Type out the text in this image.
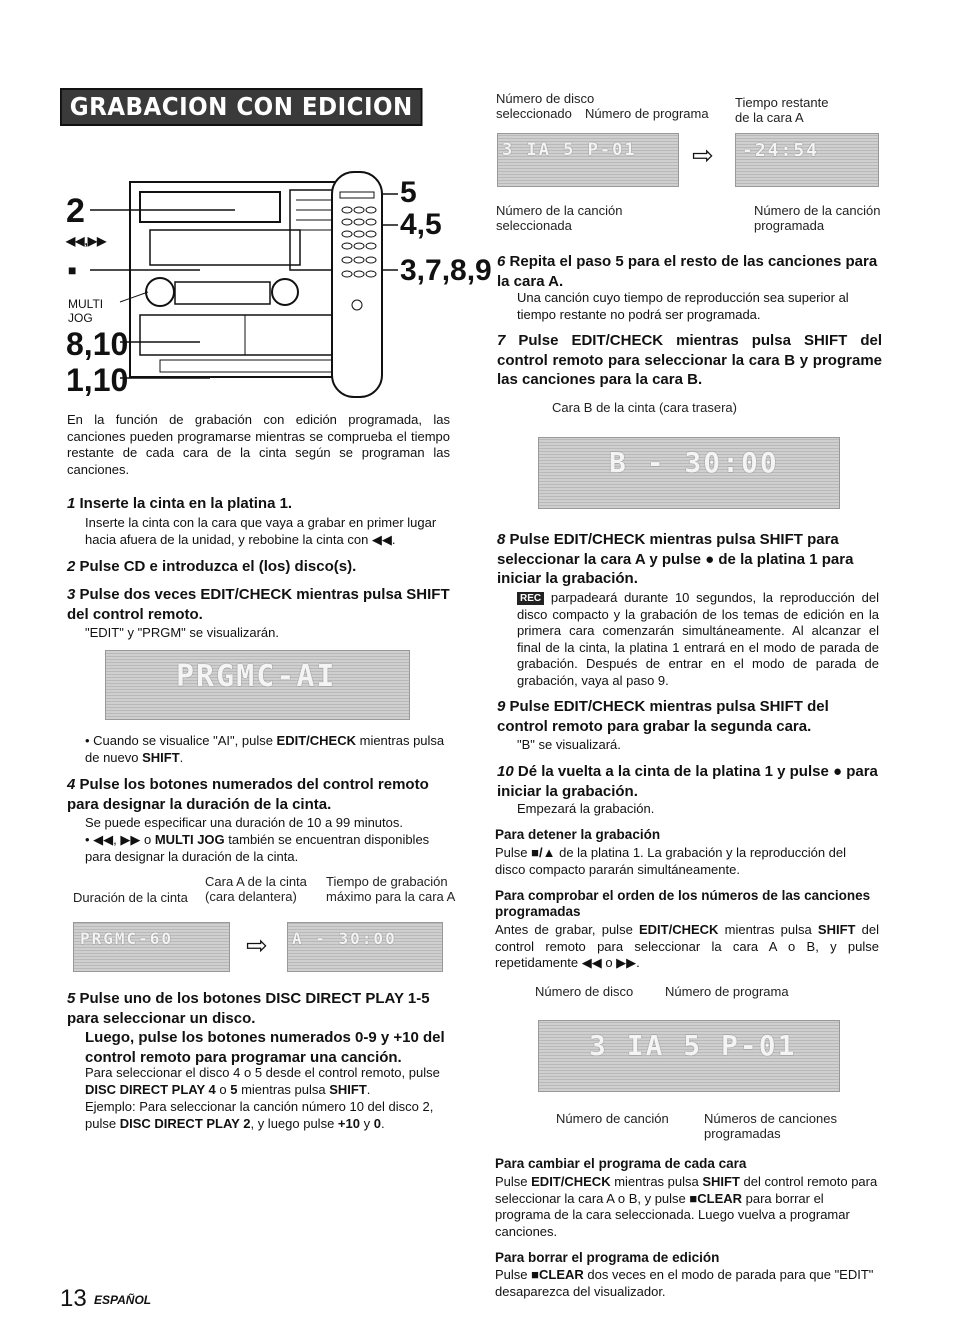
GRABACION CON EDICION PROGRAMADA
2
◀◀,▶▶
■
MULTI
JOG
8,10
1,10
5
4,5
3,7,8,9
En la función de grabación con edición programada, las canciones pueden programarse mientras se comprueba el tiempo restante de cada cara de la cinta según se programan las canciones.
1 Inserte la cinta en la platina 1.
Inserte la cinta con la cara que vaya a grabar en primer lugar hacia afuera de la unidad, y rebobine la cinta con ◀◀.
2 Pulse CD e introduzca el (los) disco(s).
3 Pulse dos veces EDIT/CHECK mientras pulsa SHIFT del control remoto.
"EDIT" y "PRGM" se visualizarán.
PRGMC-AI
• Cuando se visualice "AI", pulse EDIT/CHECK mientras pulsa de nuevo SHIFT.
4 Pulse los botones numerados del control remoto para designar la duración de la cinta.
Se puede especificar una duración de 10 a 99 minutos.
• ◀◀, ▶▶ o MULTI JOG también se encuentran disponibles para designar la duración de la cinta.
Duración de la cinta
Cara A de la cinta
(cara delantera)
Tiempo de grabación
máximo para la cara A
PRGMC-60	⇨ A - 30:00
5 Pulse uno de los botones DISC DIRECT PLAY 1-5 para seleccionar un disco.
Luego, pulse los botones numerados 0-9 y +10 del control remoto para programar una canción.
Para seleccionar el disco 4 o 5 desde el control remoto, pulse DISC DIRECT PLAY 4 o 5 mientras pulsa SHIFT.
Ejemplo: Para seleccionar la canción número 10 del disco 2, pulse DISC DIRECT PLAY 2, y luego pulse +10 y 0.
13 ESPAÑOL
Número de disco
seleccionado	Número de programa
Tiempo restante
de la cara A
3 IA 5 P-01 ⇨ -24:54
Número de la canción
seleccionada
Número de la canción
programada
6 Repita el paso 5 para el resto de las canciones para la cara A.
Una canción cuyo tiempo de reproducción sea superior al tiempo restante no podrá ser programada.
7 Pulse EDIT/CHECK mientras pulsa SHIFT del control remoto para seleccionar la cara B y programe las canciones para la cara B.
Cara B de la cinta (cara trasera)
B - 30:00
8 Pulse EDIT/CHECK mientras pulsa SHIFT para seleccionar la cara A y pulse ● de la platina 1 para iniciar la grabación.
REC parpadeará durante 10 segundos, la reproducción del disco compacto y la grabación de los temas de edición en la primera cara comenzarán simultáneamente. Al alcanzar el final de la cinta, la platina 1 entrará en el modo de parada de grabación. Después de entrar en el modo de parada de grabación, vaya al paso 9.
9 Pulse EDIT/CHECK mientras pulsa SHIFT del control remoto para grabar la segunda cara.
"B" se visualizará.
10 Dé la vuelta a la cinta de la platina 1 y pulse ● para iniciar la grabación.
Empezará la grabación.
Para detener la grabación
Pulse ■/▲ de la platina 1. La grabación y la reproducción del disco compacto pararán simultáneamente.
Para comprobar el orden de los números de las canciones programadas
Antes de grabar, pulse EDIT/CHECK mientras pulsa SHIFT del control remoto para seleccionar la cara A o B, y pulse repetidamente ◀◀ o ▶▶.
Número de disco Número de programa
3 IA 5 P-01
Número de canción	Números de canciones
programadas
Para cambiar el programa de cada cara
Pulse EDIT/CHECK mientras pulsa SHIFT del control remoto para seleccionar la cara A o B, y pulse ■CLEAR para borrar el programa de la cara seleccionada. Luego vuelva a programar canciones.
Para borrar el programa de edición
Pulse ■CLEAR dos veces en el modo de parada para que "EDIT" desaparezca del visualizador.
